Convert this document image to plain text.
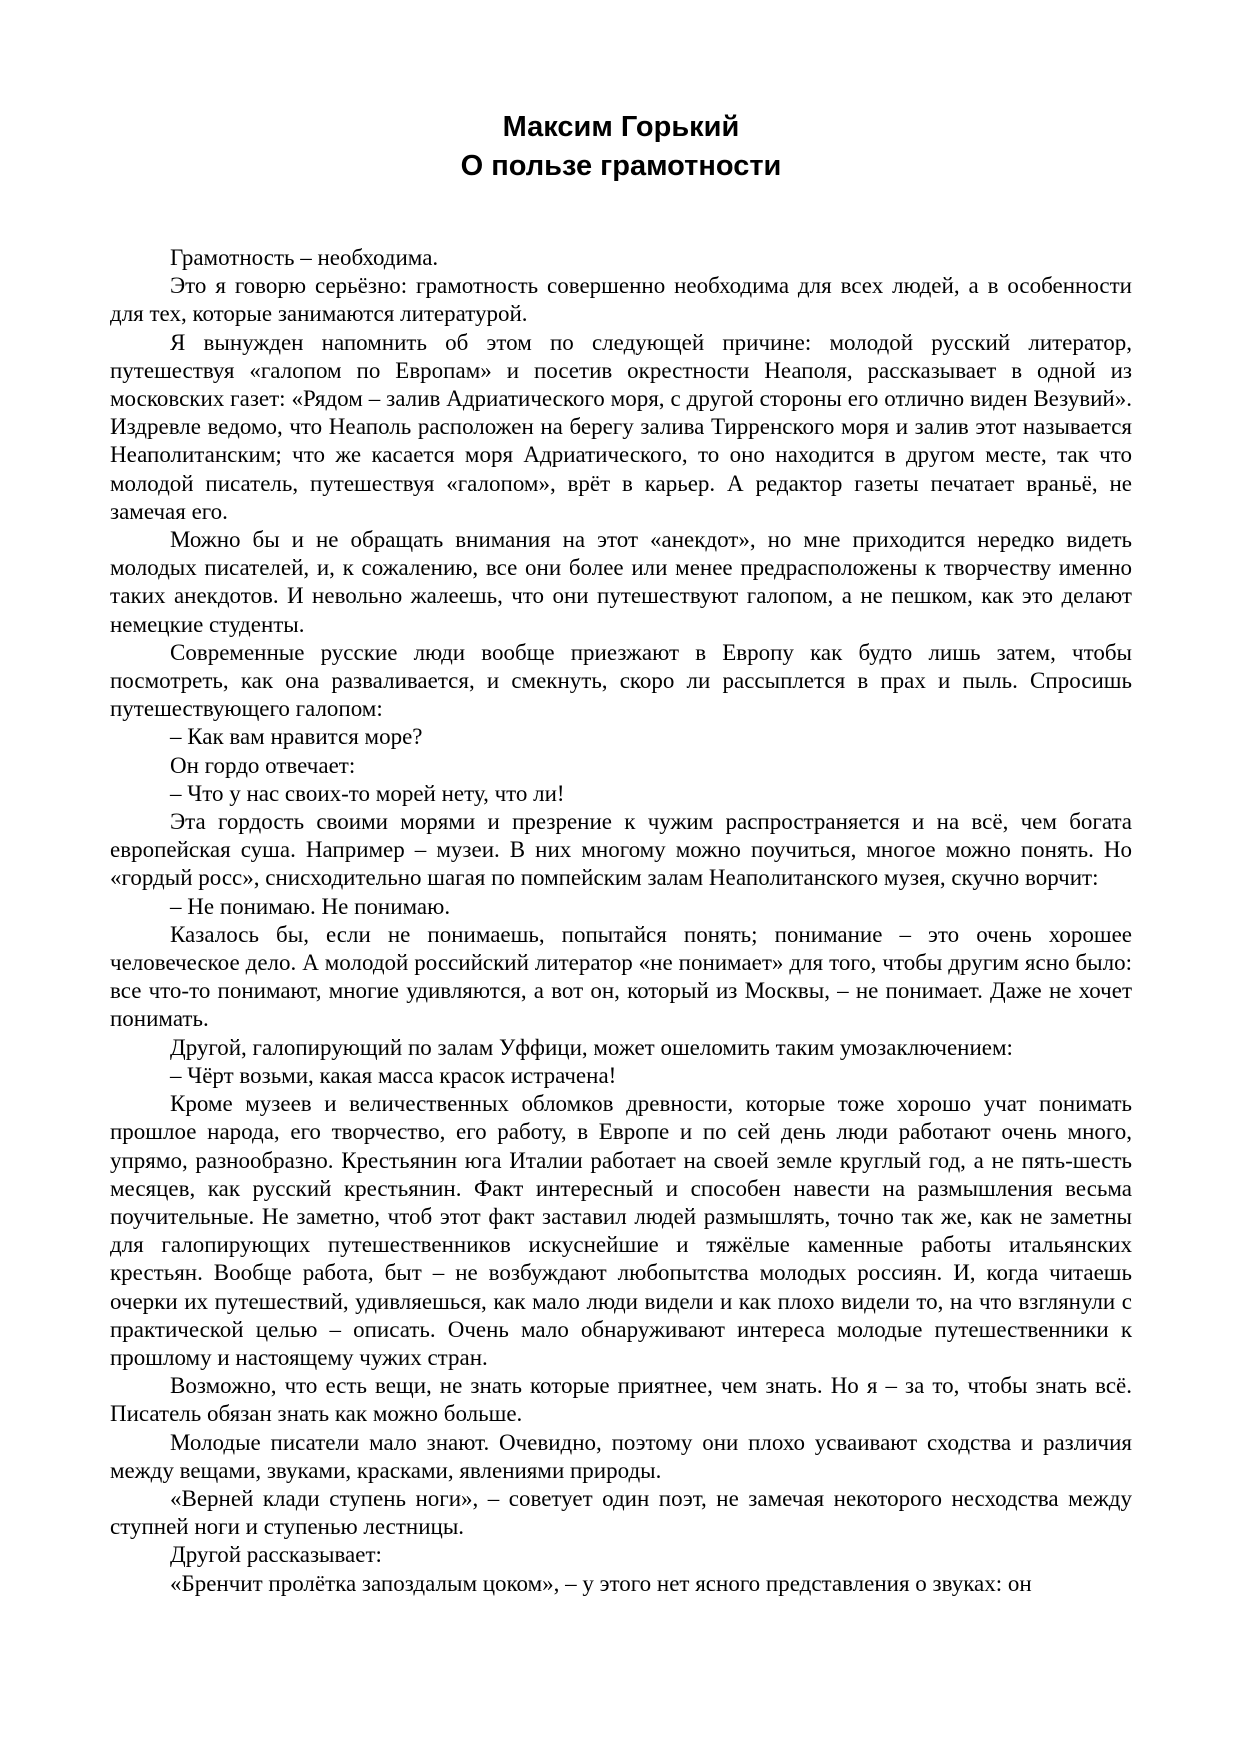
Максим Горький
О пользе грамотности

Грамотность – необходима.

Это я говорю серьёзно: грамотность совершенно необходима для всех людей, а в особенности для тех, которые занимаются литературой.

Я вынужден напомнить об этом по следующей причине: молодой русский литератор, путешествуя «галопом по Европам» и посетив окрестности Неаполя, рассказывает в одной из московских газет: «Рядом – залив Адриатического моря, с другой стороны его отлично виден Везувий». Издревле ведомо, что Неаполь расположен на берегу залива Тирренского моря и залив этот называется Неаполитанским; что же касается моря Адриатического, то оно находится в другом месте, так что молодой писатель, путешествуя «галопом», врёт в карьер. А редактор газеты печатает враньё, не замечая его.

Можно бы и не обращать внимания на этот «анекдот», но мне приходится нередко видеть молодых писателей, и, к сожалению, все они более или менее предрасположены к творчеству именно таких анекдотов. И невольно жалеешь, что они путешествуют галопом, а не пешком, как это делают немецкие студенты.

Современные русские люди вообще приезжают в Европу как будто лишь затем, чтобы посмотреть, как она разваливается, и смекнуть, скоро ли рассыплется в прах и пыль. Спросишь путешествующего галопом:

– Как вам нравится море?

Он гордо отвечает:

– Что у нас своих-то морей нету, что ли!

Эта гордость своими морями и презрение к чужим распространяется и на всё, чем богата европейская суша. Например – музеи. В них многому можно поучиться, многое можно понять. Но «гордый росс», снисходительно шагая по помпейским залам Неаполитанского музея, скучно ворчит:

– Не понимаю. Не понимаю.

Казалось бы, если не понимаешь, попытайся понять; понимание – это очень хорошее человеческое дело. А молодой российский литератор «не понимает» для того, чтобы другим ясно было: все что-то понимают, многие удивляются, а вот он, который из Москвы, – не понимает. Даже не хочет понимать.

Другой, галопирующий по залам Уффици, может ошеломить таким умозаключением:

– Чёрт возьми, какая масса красок истрачена!

Кроме музеев и величественных обломков древности, которые тоже хорошо учат понимать прошлое народа, его творчество, его работу, в Европе и по сей день люди работают очень много, упрямо, разнообразно. Крестьянин юга Италии работает на своей земле круглый год, а не пять-шесть месяцев, как русский крестьянин. Факт интересный и способен навести на размышления весьма поучительные. Не заметно, чтоб этот факт заставил людей размышлять, точно так же, как не заметны для галопирующих путешественников искуснейшие и тяжёлые каменные работы итальянских крестьян. Вообще работа, быт – не возбуждают любопытства молодых россиян. И, когда читаешь очерки их путешествий, удивляешься, как мало люди видели и как плохо видели то, на что взглянули с практической целью – описать. Очень мало обнаруживают интереса молодые путешественники к прошлому и настоящему чужих стран.

Возможно, что есть вещи, не знать которые приятнее, чем знать. Но я – за то, чтобы знать всё. Писатель обязан знать как можно больше.

Молодые писатели мало знают. Очевидно, поэтому они плохо усваивают сходства и различия между вещами, звуками, красками, явлениями природы.

«Верней клади ступень ноги», – советует один поэт, не замечая некоторого несходства между ступней ноги и ступенью лестницы.

Другой рассказывает:

«Бренчит пролётка запоздалым цоком», – у этого нет ясного представления о звуках: он
